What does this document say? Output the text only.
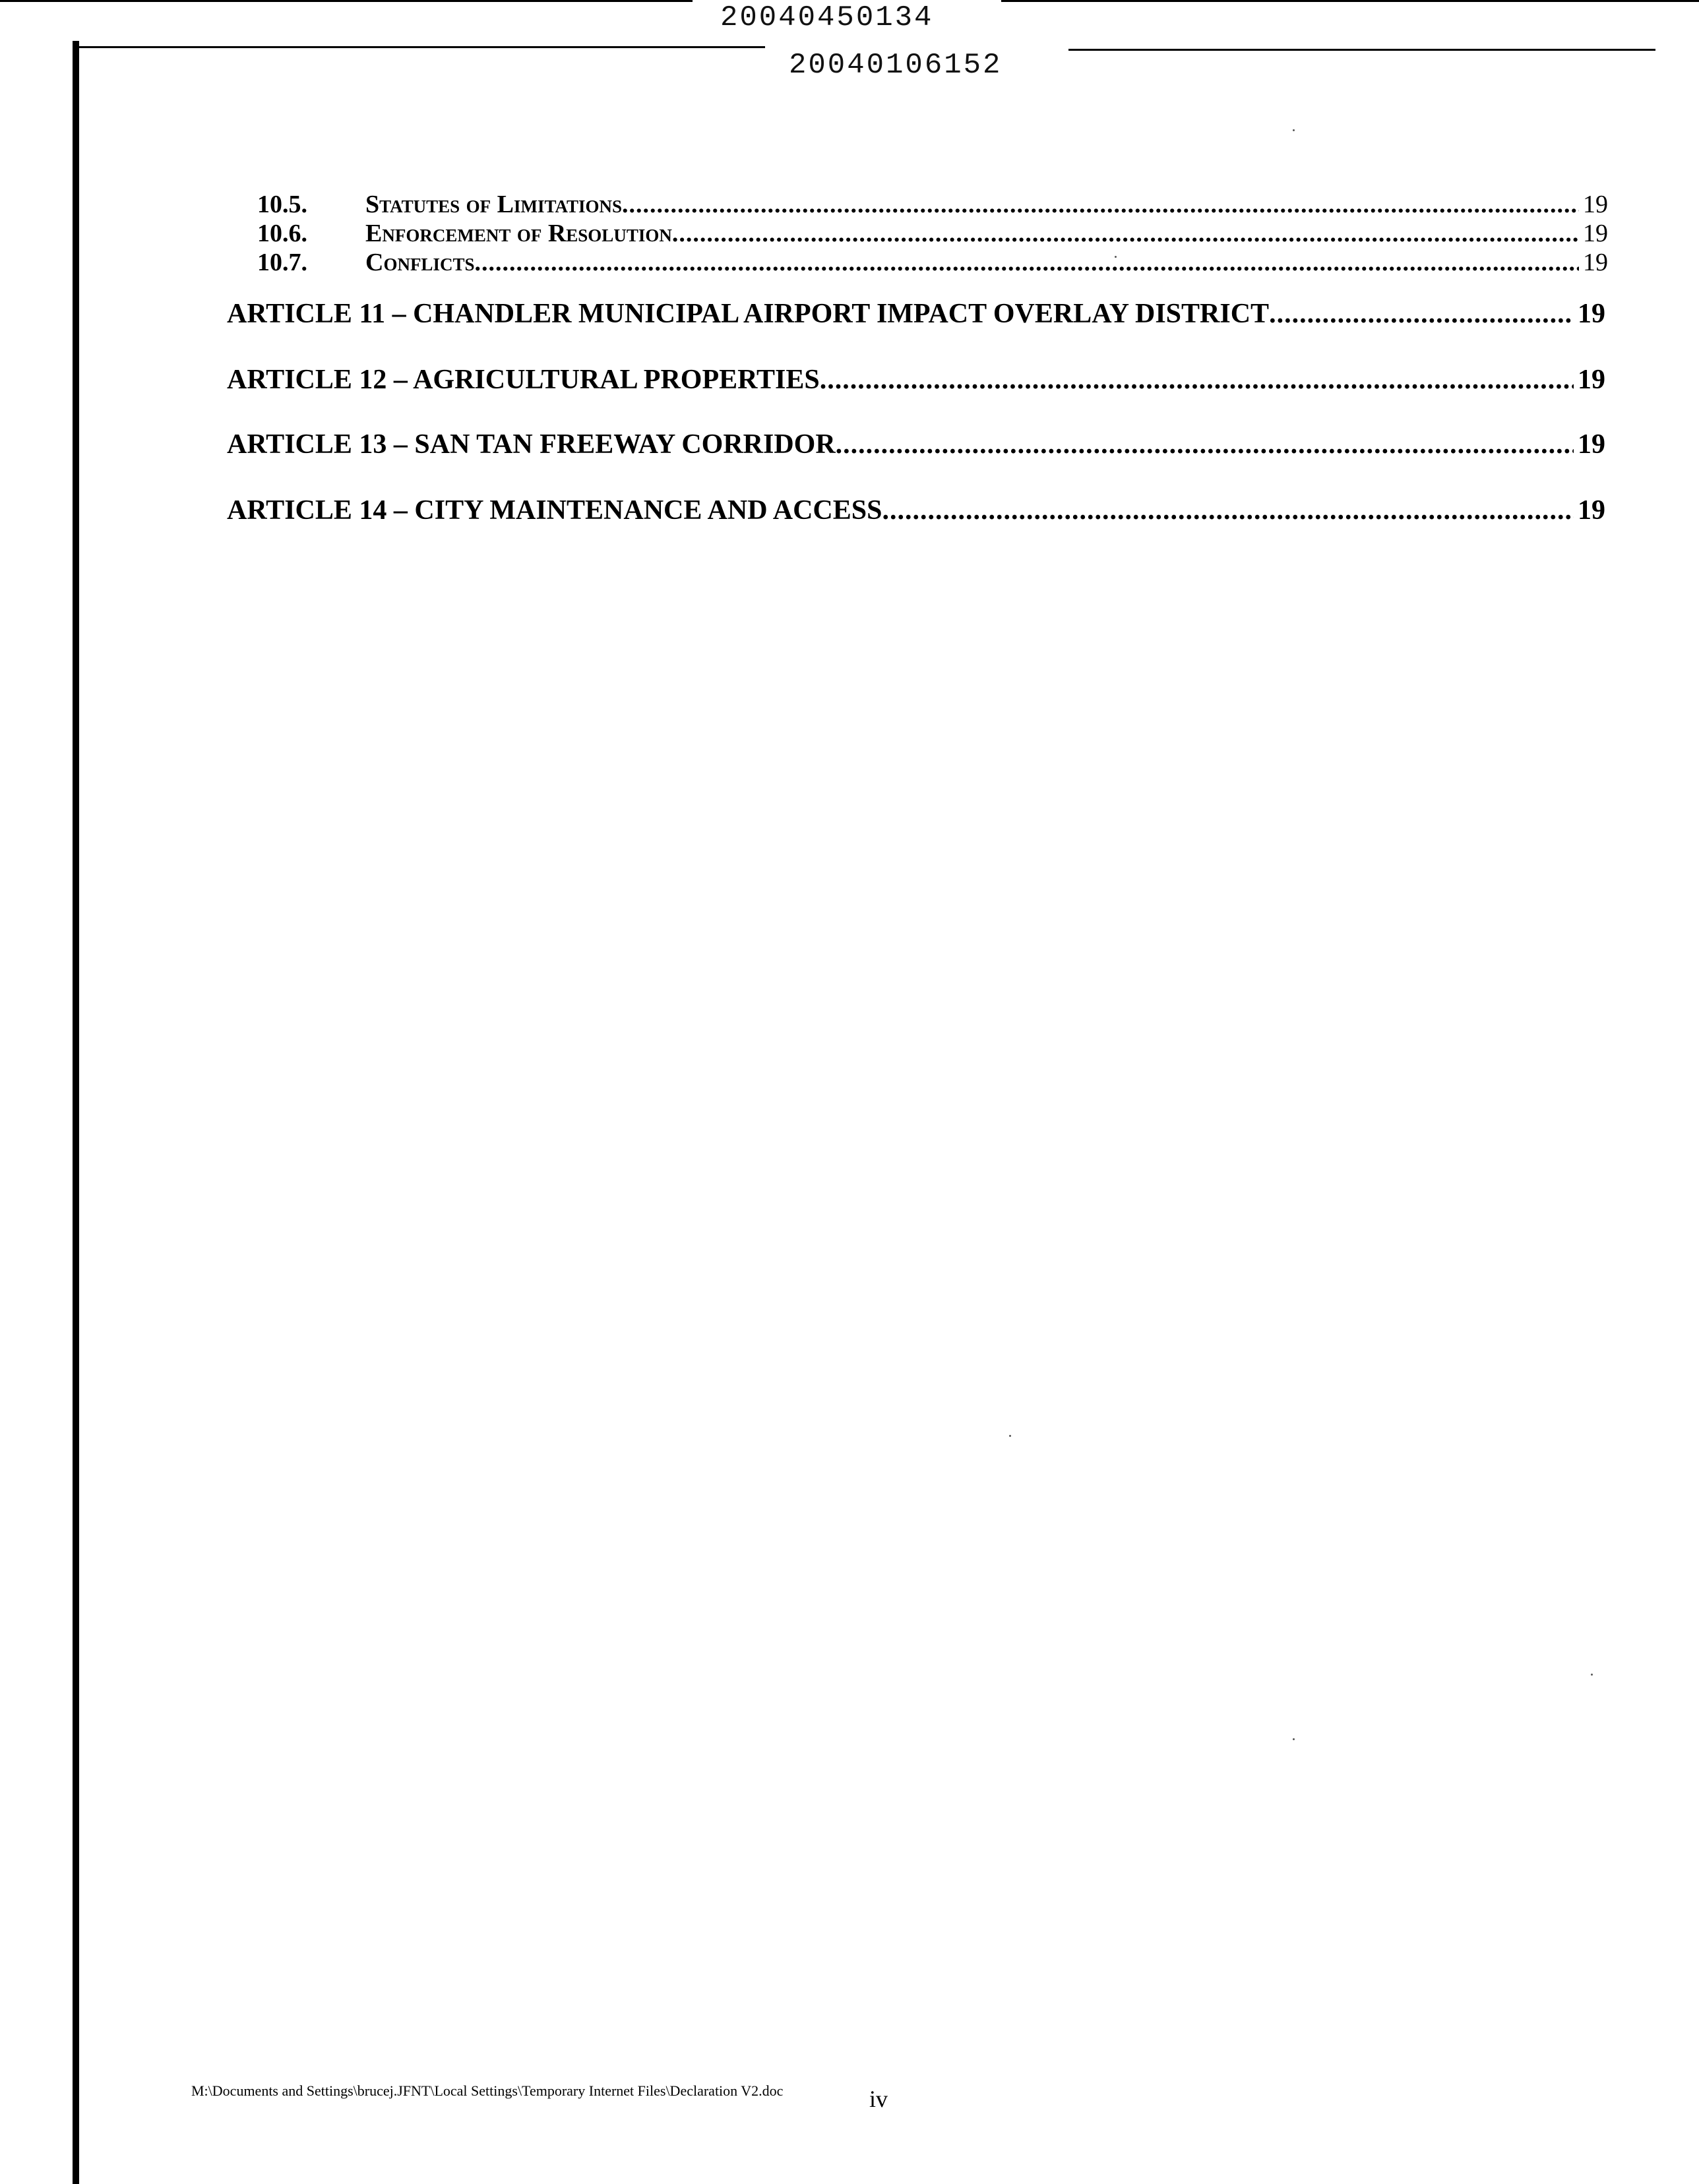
20040450134
20040106152
10.5.	Statutes of Limitations .....	19
10.6.	Enforcement of Resolution .....	19
10.7.	Conflicts .....	19
ARTICLE 11 – CHANDLER MUNICIPAL AIRPORT IMPACT OVERLAY DISTRICT .....	19
ARTICLE 12 – AGRICULTURAL PROPERTIES .....	19
ARTICLE 13 – SAN TAN FREEWAY CORRIDOR .....	19
ARTICLE 14 – CITY MAINTENANCE AND ACCESS .....	19
M:\Documents and Settings\brucej.JFNT\Local Settings\Temporary Internet Files\Declaration V2.doc	iv
